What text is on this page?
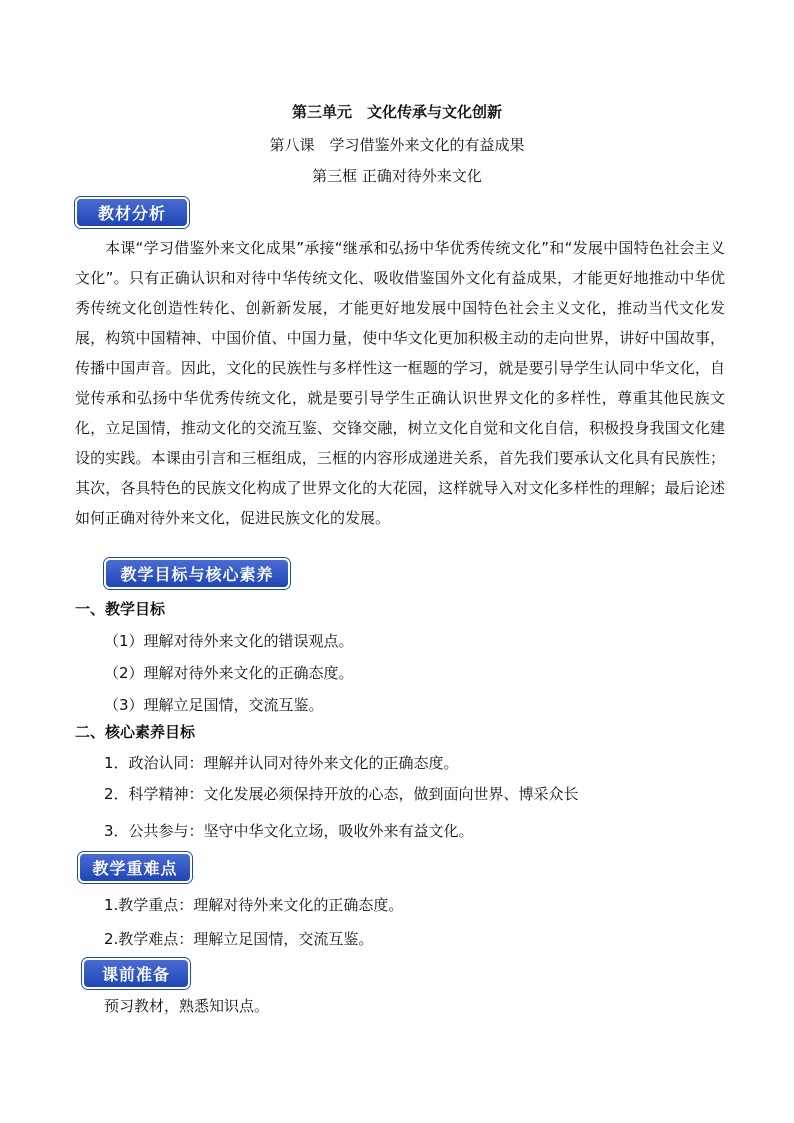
第三单元　文化传承与文化创新
第八课　学习借鉴外来文化的有益成果
第三框 正确对待外来文化
教材分析

本课“学习借鉴外来文化成果”承接“继承和弘扬中华优秀传统文化”和“发展中国特色社会主义文化”。只有正确认识和对待中华传统文化、吸收借鉴国外文化有益成果，才能更好地推动中华优秀传统文化创造性转化、创新新发展，才能更好地发展中国特色社会主义文化，推动当代文化发展，构筑中国精神、中国价值、中国力量，使中华文化更加积极主动的走向世界，讲好中国故事，传播中国声音。因此，文化的民族性与多样性这一框题的学习，就是要引导学生认同中华文化，自觉传承和弘扬中华优秀传统文化，就是要引导学生正确认识世界文化的多样性，尊重其他民族文化，立足国情，推动文化的交流互鉴、交锋交融，树立文化自觉和文化自信，积极投身我国文化建设的实践。本课由引言和三框组成，三框的内容形成递进关系，首先我们要承认文化具有民族性；其次，各具特色的民族文化构成了世界文化的大花园，这样就导入对文化多样性的理解；最后论述如何正确对待外来文化，促进民族文化的发展。

教学目标与核心素养
一、教学目标
（1）理解对待外来文化的错误观点。
（2）理解对待外来文化的正确态度。
（3）理解立足国情，交流互鉴。
二、核心素养目标
1．政治认同：理解并认同对待外来文化的正确态度。
2．科学精神：文化发展必须保持开放的心态，做到面向世界、博采众长
3．公共参与：坚守中华文化立场，吸收外来有益文化。
教学重难点
1.教学重点：理解对待外来文化的正确态度。
2.教学难点：理解立足国情，交流互鉴。
课前准备
预习教材，熟悉知识点。
